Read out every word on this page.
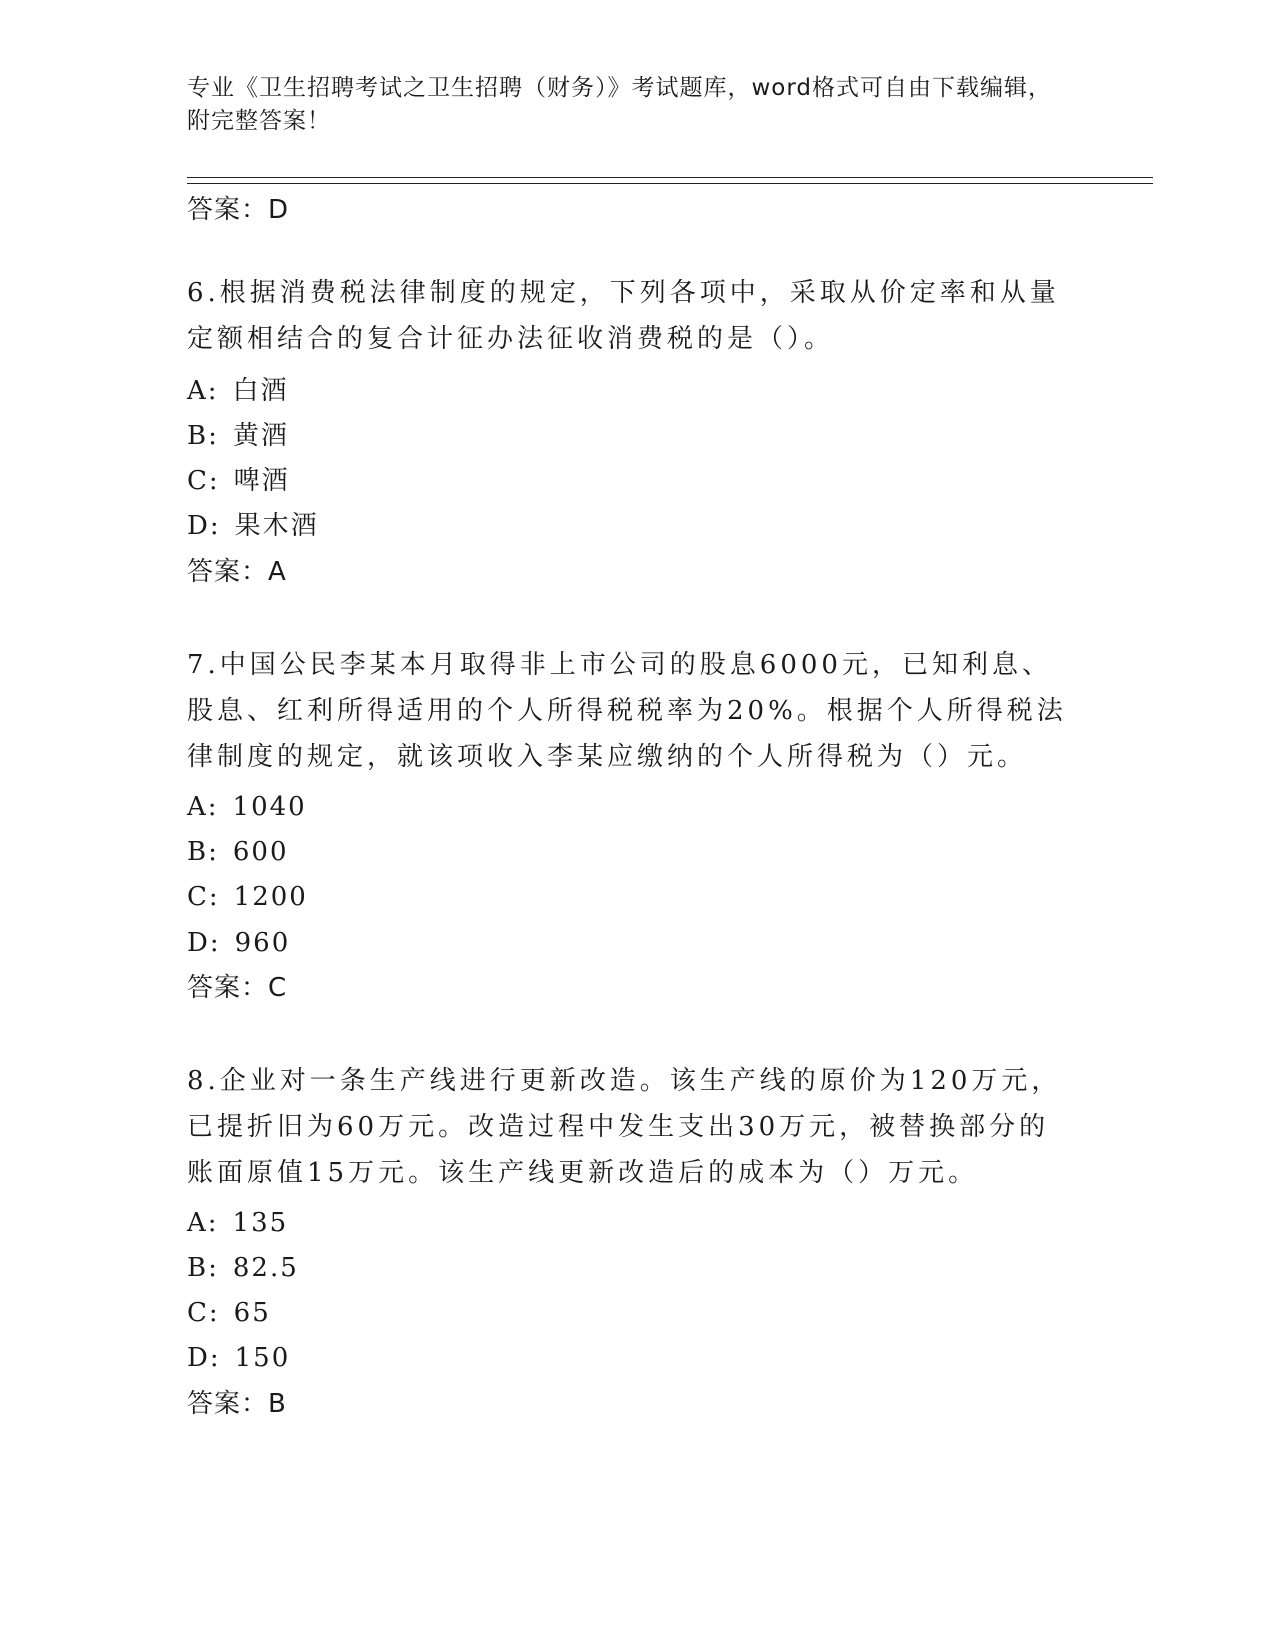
专业《卫生招聘考试之卫生招聘（财务）》考试题库，word格式可自由下载编辑，附完整答案！
答案：D
6.根据消费税法律制度的规定，下列各项中，采取从价定率和从量定额相结合的复合计征办法征收消费税的是（）。
A: 白酒
B: 黄酒
C: 啤酒
D: 果木酒
答案：A
7.中国公民李某本月取得非上市公司的股息6000元，已知利息、股息、红利所得适用的个人所得税税率为20%。根据个人所得税法律制度的规定，就该项收入李某应缴纳的个人所得税为（）元。
A: 1040
B: 600
C: 1200
D: 960
答案：C
8.企业对一条生产线进行更新改造。该生产线的原价为120万元，已提折旧为60万元。改造过程中发生支出30万元，被替换部分的账面原值15万元。该生产线更新改造后的成本为（）万元。
A: 135
B: 82.5
C: 65
D: 150
答案：B
